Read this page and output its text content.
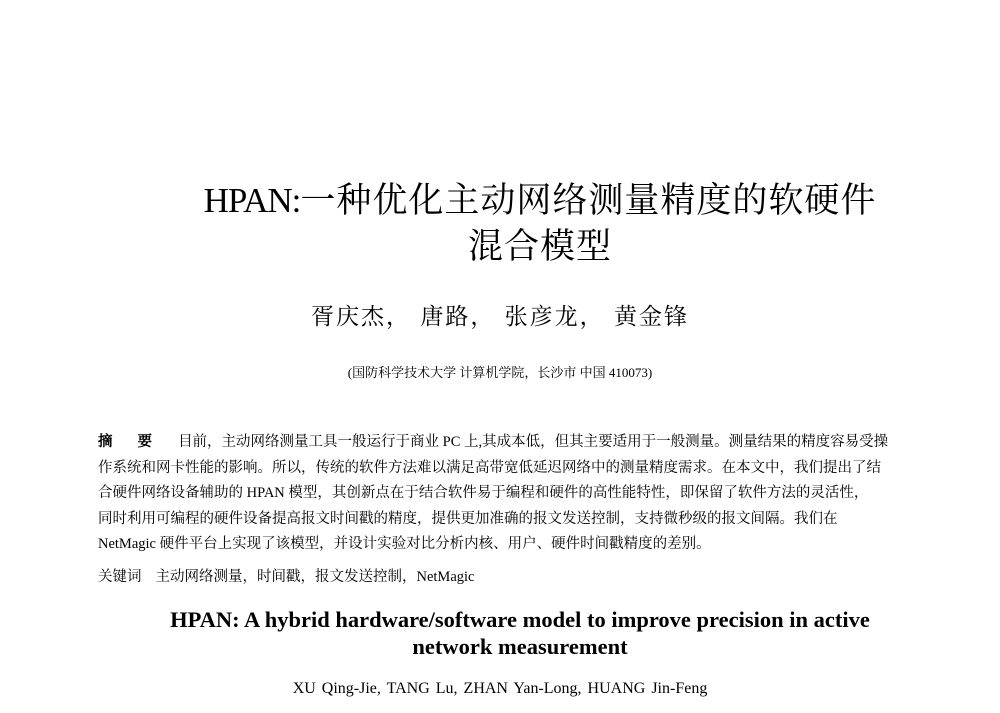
HPAN:一种优化主动网络测量精度的软硬件
混合模型
胥庆杰， 唐路， 张彦龙， 黄金锋
(国防科学技术大学 计算机学院，长沙市 中国 410073)
摘 要 目前，主动网络测量工具一般运行于商业 PC 上,其成本低，但其主要适用于一般测量。测量结果的精度容易受操
作系统和网卡性能的影响。所以，传统的软件方法难以满足高带宽低延迟网络中的测量精度需求。在本文中，我们提出了结
合硬件网络设备辅助的 HPAN 模型，其创新点在于结合软件易于编程和硬件的高性能特性，即保留了软件方法的灵活性，
同时利用可编程的硬件设备提高报文时间戳的精度，提供更加准确的报文发送控制，支持微秒级的报文间隔。我们在
NetMagic 硬件平台上实现了该模型，并设计实验对比分析内核、用户、硬件时间戳精度的差别。
关键词 主动网络测量，时间戳，报文发送控制，NetMagic
HPAN: A hybrid hardware/software model to improve precision in active
network measurement
XU Qing-Jie, TANG Lu, ZHAN Yan-Long, HUANG Jin-Feng
